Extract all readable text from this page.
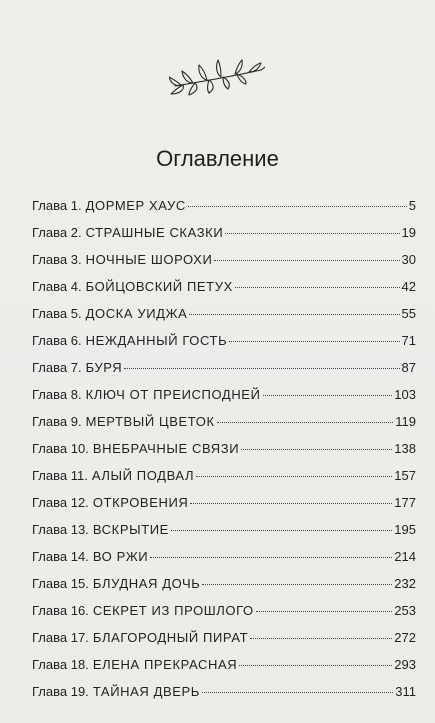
Оглавление
Глава 1. ДОРМЕР ХАУС	5
Глава 2. СТРАШНЫЕ СКАЗКИ	19
Глава 3. НОЧНЫЕ ШОРОХИ	30
Глава 4. БОЙЦОВСКИЙ ПЕТУХ	42
Глава 5. ДОСКА УИДЖА	55
Глава 6. НЕЖДАННЫЙ ГОСТЬ	71
Глава 7. БУРЯ	87
Глава 8. КЛЮЧ ОТ ПРЕИСПОДНЕЙ	103
Глава 9. МЕРТВЫЙ ЦВЕТОК	119
Глава 10. ВНЕБРАЧНЫЕ СВЯЗИ	138
Глава 11. АЛЫЙ ПОДВАЛ	157
Глава 12. ОТКРОВЕНИЯ	177
Глава 13. ВСКРЫТИЕ	195
Глава 14. ВО РЖИ	214
Глава 15. БЛУДНАЯ ДОЧЬ	232
Глава 16. СЕКРЕТ ИЗ ПРОШЛОГО	253
Глава 17. БЛАГОРОДНЫЙ ПИРАТ	272
Глава 18. ЕЛЕНА ПРЕКРАСНАЯ	293
Глава 19. ТАЙНАЯ ДВЕРЬ	311
